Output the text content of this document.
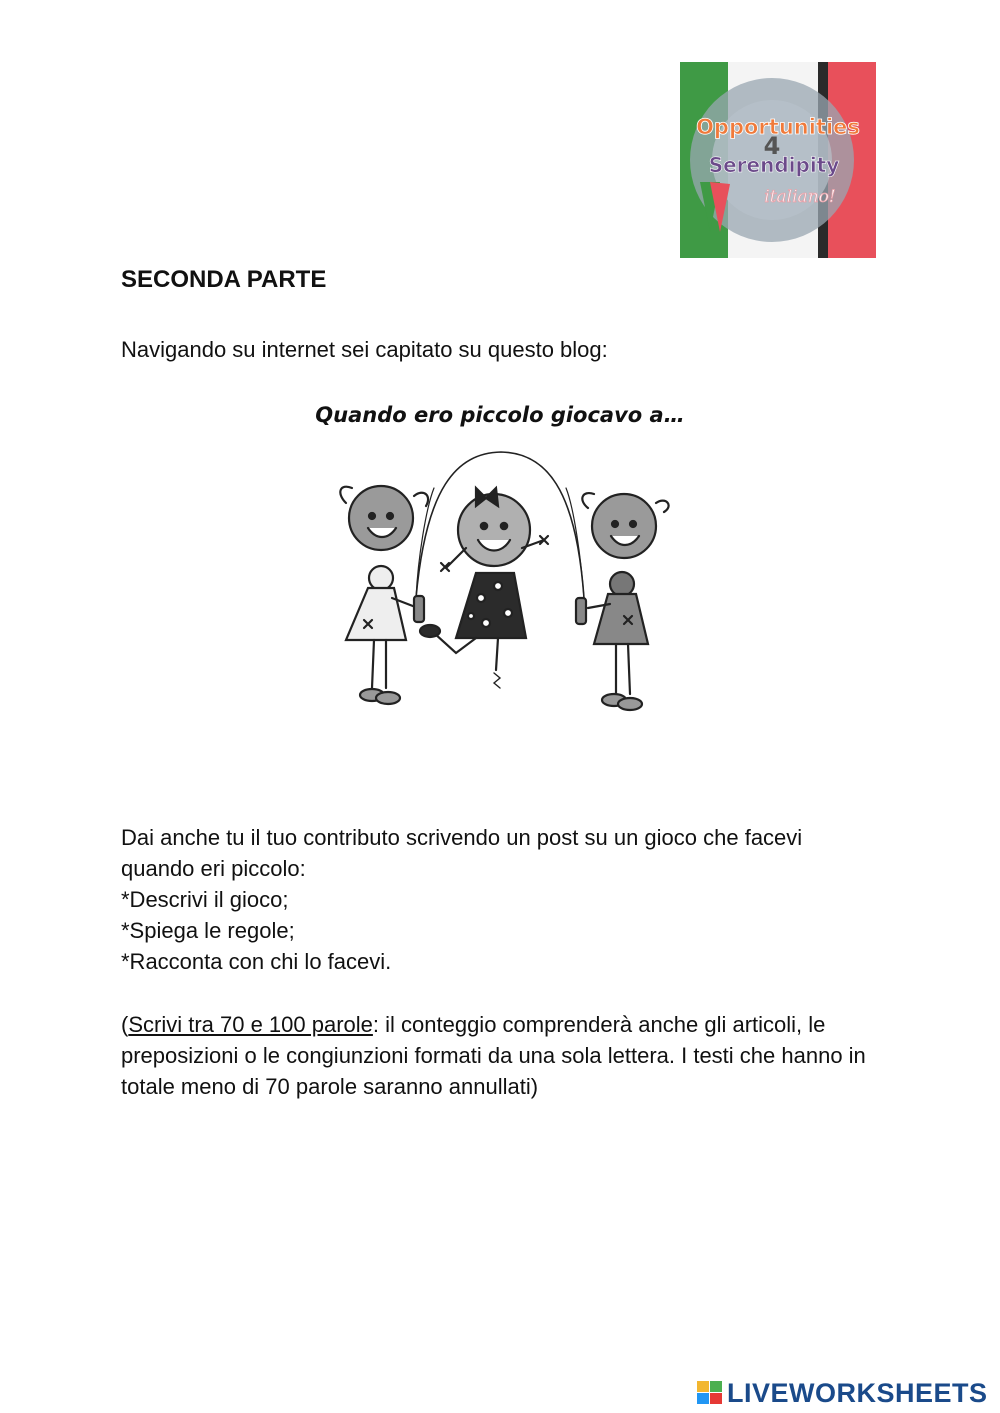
Opportunities
4
Serendipity
italiano!
SECONDA PARTE

Navigando su internet sei capitato su questo blog:

Quando ero piccolo giocavo a…

Dai anche tu il tuo contributo scrivendo un post su un gioco che facevi
quando eri piccolo:
*Descrivi il gioco;
*Spiega le regole;
*Racconta con chi lo facevi.

(Scrivi tra 70 e 100 parole: il conteggio comprenderà anche gli articoli, le preposizioni o le congiunzioni formati da una sola lettera. I testi che hanno in totale meno di 70 parole saranno annullati)

LIVEWORKSHEETS
